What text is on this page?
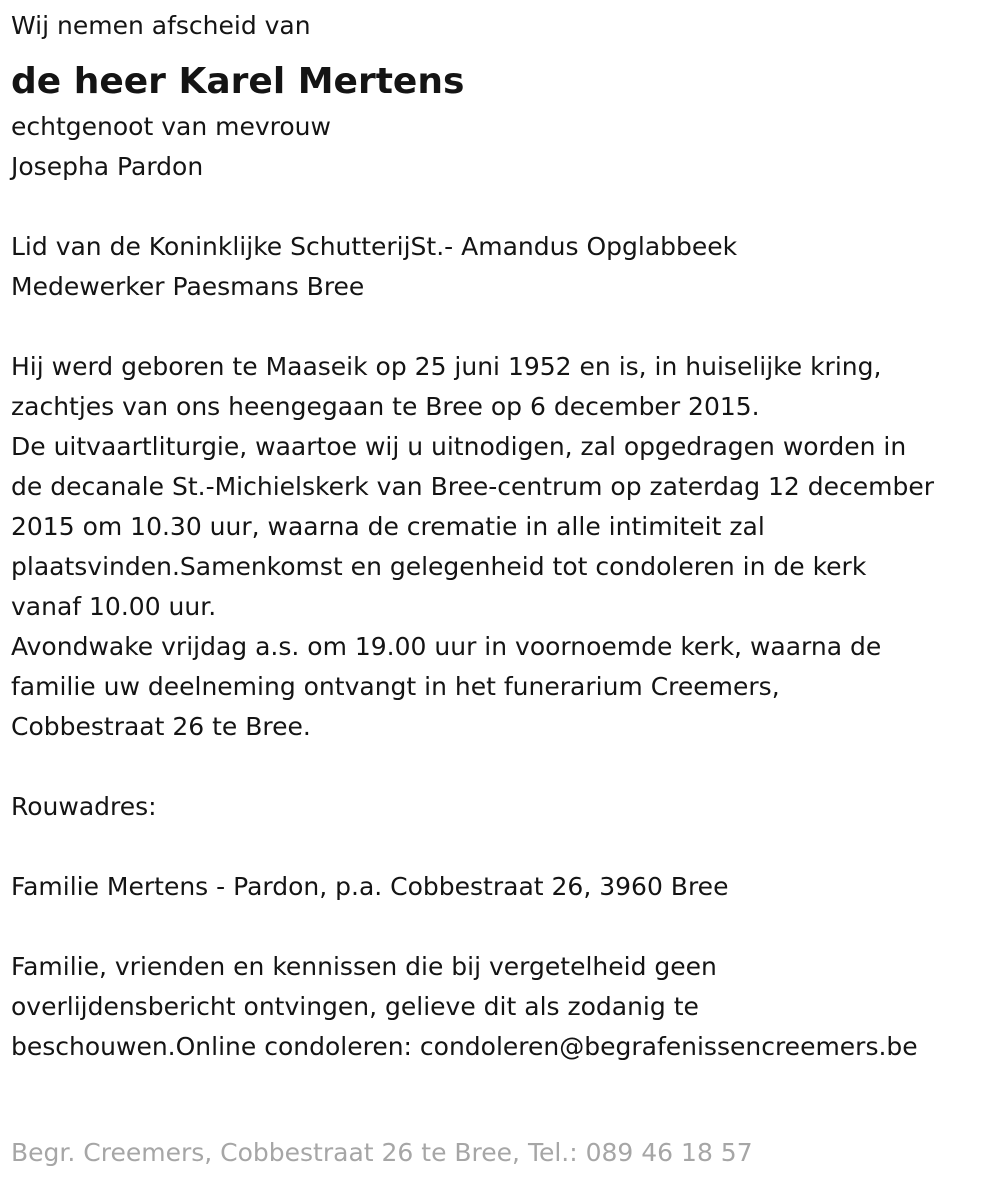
Wij nemen afscheid van
de heer Karel Mertens
echtgenoot van mevrouw
Josepha Pardon
Lid van de Koninklijke SchutterijSt.- Amandus Opglabbeek
Medewerker Paesmans Bree
Hij werd geboren te Maaseik op 25 juni 1952 en is, in huiselijke kring,
zachtjes van ons heengegaan te Bree op 6 december 2015.
De uitvaartliturgie, waartoe wij u uitnodigen, zal opgedragen worden in
de decanale St.-Michielskerk van Bree-centrum op zaterdag 12 december
2015 om 10.30 uur, waarna de crematie in alle intimiteit zal
plaatsvinden.Samenkomst en gelegenheid tot condoleren in de kerk
vanaf 10.00 uur.
Avondwake vrijdag a.s. om 19.00 uur in voornoemde kerk, waarna de
familie uw deelneming ontvangt in het funerarium Creemers,
Cobbestraat 26 te Bree.
Rouwadres:
Familie Mertens - Pardon, p.a. Cobbestraat 26, 3960 Bree
Familie, vrienden en kennissen die bij vergetelheid geen
overlijdensbericht ontvingen, gelieve dit als zodanig te
beschouwen.Online condoleren: condoleren@begrafenissencreemers.be
Begr. Creemers, Cobbestraat 26 te Bree, Tel.: 089 46 18 57
